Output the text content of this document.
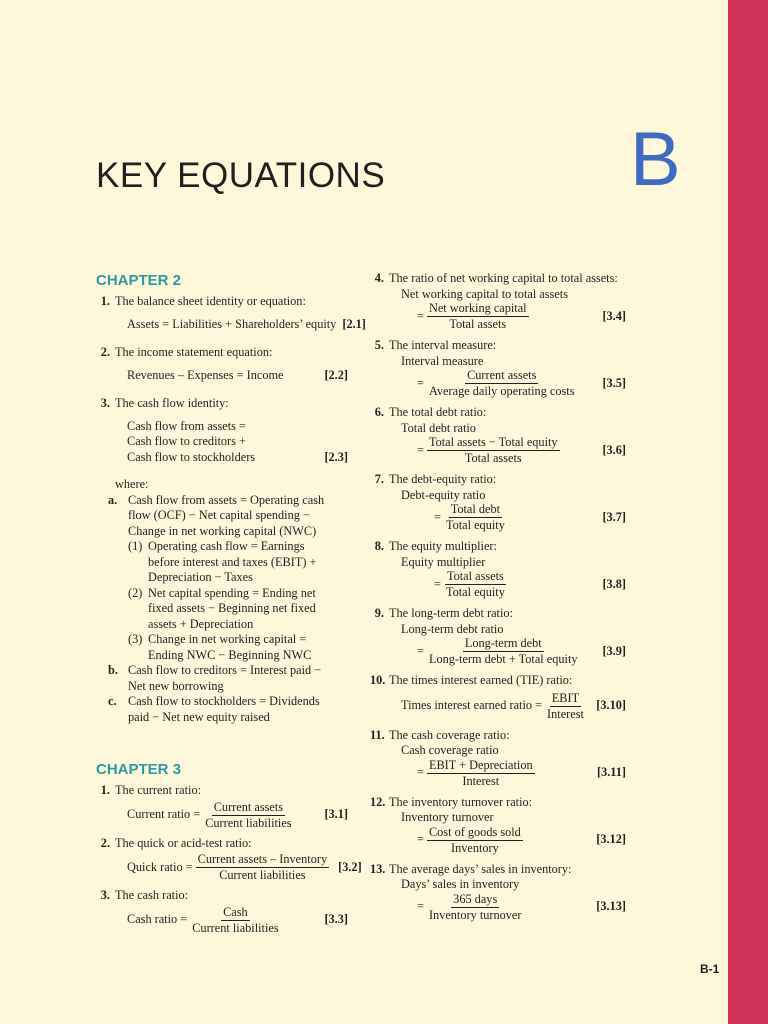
KEY EQUATIONS	B
CHAPTER 2
1. The balance sheet identity or equation:
Assets = Liabilities + Shareholders’ equity [2.1]
2. The income statement equation:
Revenues – Expenses = Income	[2.2]
3. The cash flow identity:
Cash flow from assets =
Cash flow to creditors +
Cash flow to stockholders	[2.3]
where:
a. Cash flow from assets = Operating cash
flow (OCF) − Net capital spending −
Change in net working capital (NWC)
(1) Operating cash flow = Earnings
before interest and taxes (EBIT) +
Depreciation − Taxes
(2) Net capital spending = Ending net
fixed assets − Beginning net fixed
assets + Depreciation
(3) Change in net working capital =
Ending NWC − Beginning NWC
b. Cash flow to creditors = Interest paid −
Net new borrowing
c. Cash flow to stockholders = Dividends
paid − Net new equity raised
CHAPTER 3
1. The current ratio:
Current ratio = $\frac{\text{Current assets}}{\text{Current liabilities}}$	[3.1]
2. The quick or acid-test ratio:
Quick ratio = $\frac{\text{Current assets – Inventory}}{\text{Current liabilities}} [3.2]$
3. The cash ratio:
Cash ratio = $\frac{\text{Cash}}{\text{Current liabilities}}$	[3.3]
4. The ratio of net working capital to total assets:
Net working capital to total assets
= $\frac{\text{Net working capital}}{\text{Total assets}}$	[3.4]
5. The interval measure:
Interval measure
= $\frac{\text{Current assets}}{\text{Average daily operating costs}} [3.5]$
6. The total debt ratio:
Total debt ratio
= $\frac{\text{Total assets − Total equity}}{\text{Total assets}}$	[3.6]
7. The debt-equity ratio:
Debt-equity ratio
= $\frac{\text{Total debt}}{\text{Total equity}}$	[3.7]
8. The equity multiplier:
Equity multiplier
= $\frac{\text{Total assets}}{\text{Total equity}}$	[3.8]
9. The long-term debt ratio:
Long-term debt ratio
= $\frac{\text{Long-term debt}}{\text{Long-term debt + Total equity}} [3.9]$
10. The times interest earned (TIE) ratio:
Times interest earned ratio = $\frac{\text{EBIT}}{\text{Interest}} [3.10]$
11. The cash coverage ratio:
Cash coverage ratio
= $\frac{\text{EBIT + Depreciation}}{\text{Interest}}$	[3.11]
12. The inventory turnover ratio:
Inventory turnover
= $\frac{\text{Cost of goods sold}}{\text{Inventory}}$	[3.12]
13. The average days’ sales in inventory:
Days’ sales in inventory
= $\frac{\text{365 days}}{\text{Inventory turnover}}$	[3.13]
B-1
